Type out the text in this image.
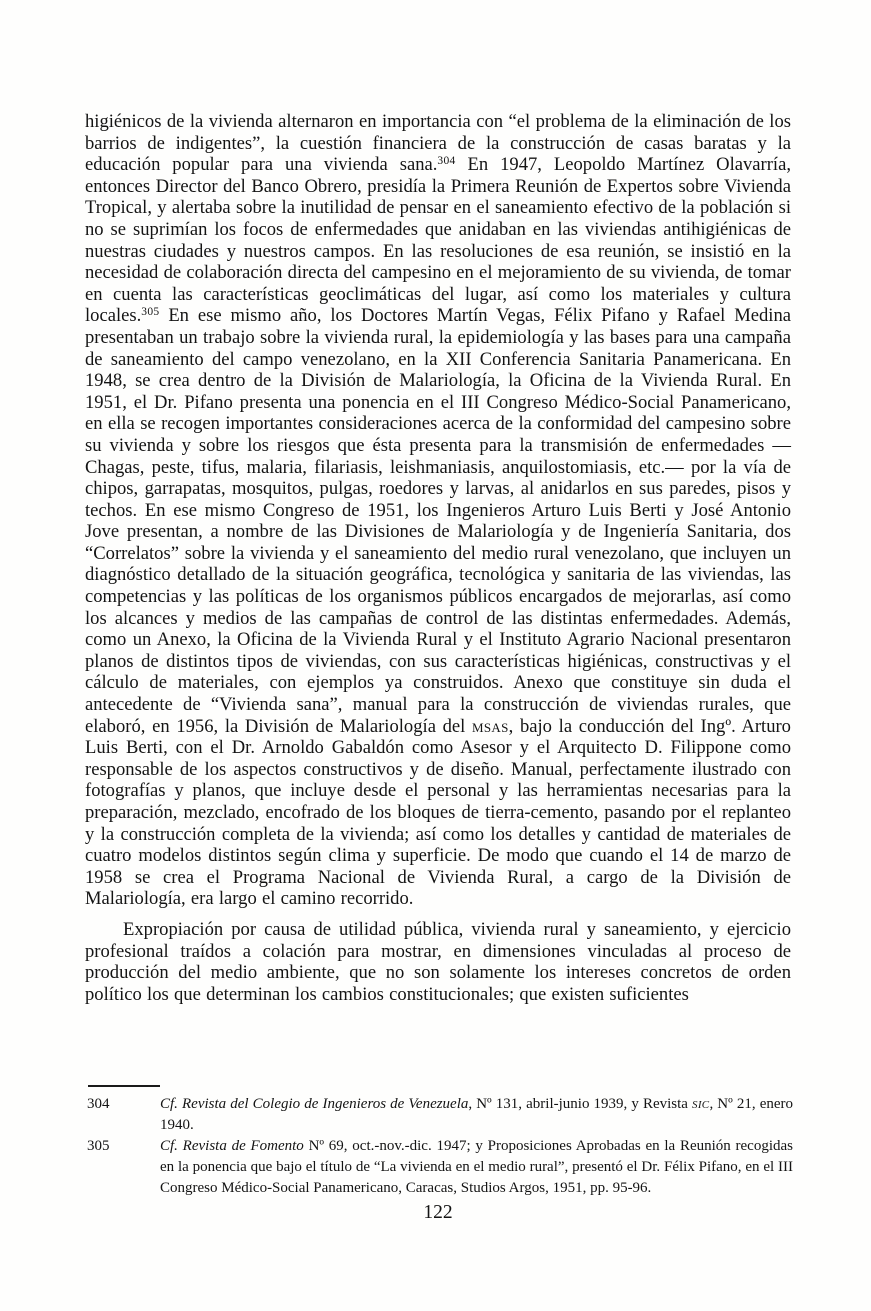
higiénicos de la vivienda alternaron en importancia con “el problema de la eliminación de los barrios de indigentes”, la cuestión financiera de la construcción de casas baratas y la educación popular para una vivienda sana.$^{304}$ En 1947, Leopoldo Martínez Olavarría, entonces Director del Banco Obrero, presidía la Primera Reunión de Expertos sobre Vivienda Tropical, y alertaba sobre la inutilidad de pensar en el saneamiento efectivo de la población si no se suprimían los focos de enfermedades que anidaban en las viviendas antihigiénicas de nuestras ciudades y nuestros campos. En las resoluciones de esa reunión, se insistió en la necesidad de colaboración directa del campesino en el mejoramiento de su vivienda, de tomar en cuenta las características geoclimáticas del lugar, así como los materiales y cultura locales.$^{305}$ En ese mismo año, los Doctores Martín Vegas, Félix Pifano y Rafael Medina presentaban un trabajo sobre la vivienda rural, la epidemiología y las bases para una campaña de saneamiento del campo venezolano, en la XII Conferencia Sanitaria Panamericana. En 1948, se crea dentro de la División de Malariología, la Oficina de la Vivienda Rural. En 1951, el Dr. Pifano presenta una ponencia en el III Congreso Médico-Social Panamericano, en ella se recogen importantes consideraciones acerca de la conformidad del campesino sobre su vivienda y sobre los riesgos que ésta presenta para la transmisión de enfermedades —Chagas, peste, tifus, malaria, filariasis, leishmaniasis, anquilostomiasis, etc.— por la vía de chipos, garrapatas, mosquitos, pulgas, roedores y larvas, al anidarlos en sus paredes, pisos y techos. En ese mismo Congreso de 1951, los Ingenieros Arturo Luis Berti y José Antonio Jove presentan, a nombre de las Divisiones de Malariología y de Ingeniería Sanitaria, dos “Correlatos” sobre la vivienda y el saneamiento del medio rural venezolano, que incluyen un diagnóstico detallado de la situación geográfica, tecnológica y sanitaria de las viviendas, las competencias y las políticas de los organismos públicos encargados de mejorarlas, así como los alcances y medios de las campañas de control de las distintas enfermedades. Además, como un Anexo, la Oficina de la Vivienda Rural y el Instituto Agrario Nacional presentaron planos de distintos tipos de viviendas, con sus características higiénicas, constructivas y el cálculo de materiales, con ejemplos ya construidos. Anexo que constituye sin duda el antecedente de “Vivienda sana”, manual para la construcción de viviendas rurales, que elaboró, en 1956, la División de Malariología del msas, bajo la conducción del Ingº. Arturo Luis Berti, con el Dr. Arnoldo Gabaldón como Asesor y el Arquitecto D. Filippone como responsable de los aspectos constructivos y de diseño. Manual, perfectamente ilustrado con fotografías y planos, que incluye desde el personal y las herramientas necesarias para la preparación, mezclado, encofrado de los bloques de tierra-cemento, pasando por el replanteo y la construcción completa de la vivienda; así como los detalles y cantidad de materiales de cuatro modelos distintos según clima y superficie. De modo que cuando el 14 de marzo de 1958 se crea el Programa Nacional de Vivienda Rural, a cargo de la División de Malariología, era largo el camino recorrido.

Expropiación por causa de utilidad pública, vivienda rural y saneamiento, y ejercicio profesional traídos a colación para mostrar, en dimensiones vinculadas al proceso de producción del medio ambiente, que no son solamente los intereses concretos de orden político los que determinan los cambios constitucionales; que existen suficientes

304	Cf. Revista del Colegio de Ingenieros de Venezuela, Nº 131, abril-junio 1939, y Revista sic, Nº 21, enero 1940.
305	Cf. Revista de Fomento Nº 69, oct.-nov.-dic. 1947; y Proposiciones Aprobadas en la Reunión recogidas en la ponencia que bajo el título de “La vivienda en el medio rural”, presentó el Dr. Félix Pifano, en el III Congreso Médico-Social Panamericano, Caracas, Studios Argos, 1951, pp. 95-96.
122
